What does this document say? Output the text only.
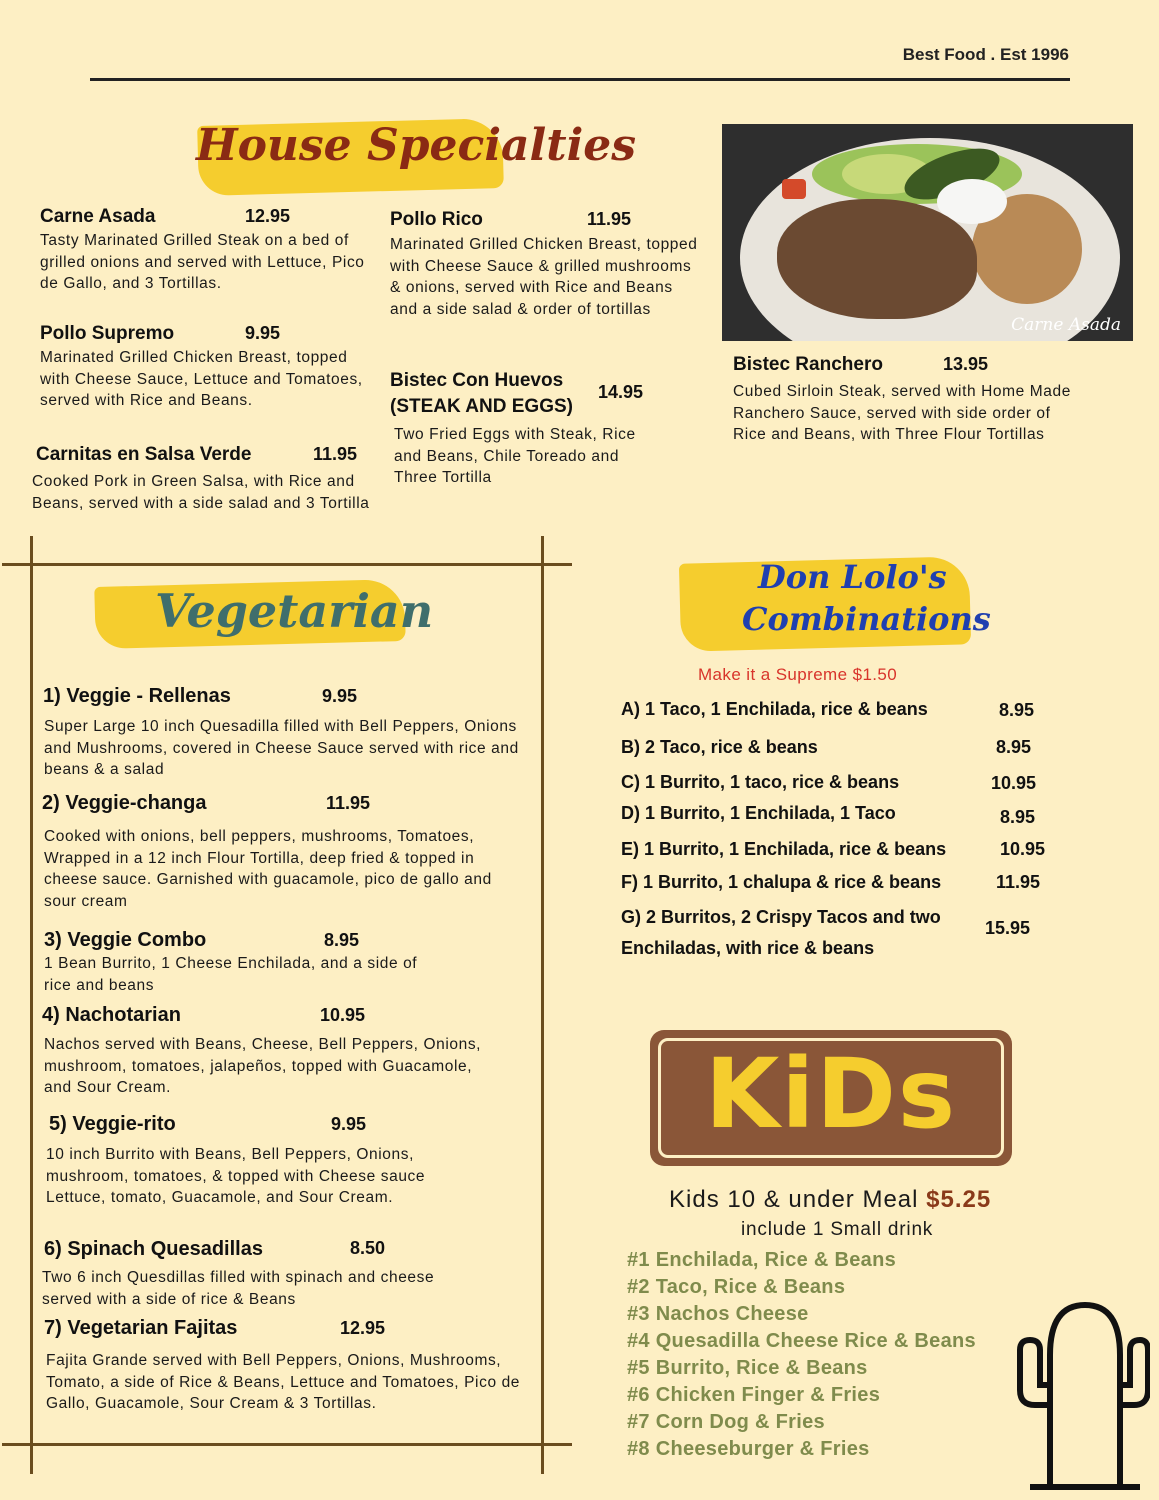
Best Food . Est 1996
House Specialties
Carne Asada	12.95
Tasty Marinated Grilled Steak on a bed of grilled onions and served with Lettuce, Pico de Gallo, and 3 Tortillas.
Pollo Supremo	9.95
Marinated Grilled Chicken Breast, topped with Cheese Sauce, Lettuce and Tomatoes, served with Rice and Beans.
Carnitas en Salsa Verde	11.95
Cooked Pork in Green Salsa, with Rice and Beans, served with a side salad and 3 Tortilla
Pollo Rico	11.95
Marinated Grilled Chicken Breast, topped with Cheese Sauce & grilled mushrooms & onions, served with Rice and Beans and a side salad & order of tortillas
Bistec Con Huevos
(STEAK AND EGGS)
14.95
Two Fried Eggs with Steak, Rice and Beans, Chile Toreado and Three Tortilla
Bistec Ranchero	13.95
Cubed Sirloin Steak, served with Home Made Ranchero Sauce, served with side order of Rice and Beans, with Three Flour Tortillas
Carne Asada
Vegetarian
1) Veggie - Rellenas	9.95
Super Large 10 inch Quesadilla filled with Bell Peppers, Onions and Mushrooms, covered in Cheese Sauce served with rice and beans & a salad
2) Veggie-changa	11.95
Cooked with onions, bell peppers, mushrooms, Tomatoes, Wrapped in a 12 inch Flour Tortilla, deep fried & topped in cheese sauce. Garnished with guacamole, pico de gallo and sour cream
3) Veggie Combo	8.95
1 Bean Burrito, 1 Cheese Enchilada, and a side of rice and beans
4) Nachotarian	10.95
Nachos served with Beans, Cheese, Bell Peppers, Onions, mushroom, tomatoes, jalapeños, topped with Guacamole, and Sour Cream.
5) Veggie-rito	9.95
10 inch Burrito with Beans, Bell Peppers, Onions, mushroom, tomatoes, & topped with Cheese sauce Lettuce, tomato, Guacamole, and Sour Cream.
6) Spinach Quesadillas	8.50
Two 6 inch Quesdillas filled with spinach and cheese served with a side of rice & Beans
7) Vegetarian Fajitas	12.95
Fajita Grande served with Bell Peppers, Onions, Mushrooms, Tomato, a side of Rice & Beans, Lettuce and Tomatoes, Pico de Gallo, Guacamole, Sour Cream & 3 Tortillas.
Don Lolo's
Combinations
Make it a Supreme $1.50
A) 1 Taco, 1 Enchilada, rice & beans	8.95
B) 2 Taco, rice & beans	8.95
C) 1 Burrito, 1 taco, rice & beans	10.95
D) 1 Burrito, 1 Enchilada, 1 Taco	8.95
E) 1 Burrito, 1 Enchilada, rice & beans	10.95
F) 1 Burrito, 1 chalupa & rice & beans	11.95
G) 2 Burritos, 2 Crispy Tacos and two
Enchiladas, with rice & beans
15.95
KiDs
Kids 10 & under Meal $5.25
include 1 Small drink
#1 Enchilada, Rice & Beans
#2 Taco, Rice & Beans
#3 Nachos Cheese
#4 Quesadilla Cheese Rice & Beans
#5 Burrito, Rice & Beans
#6 Chicken Finger & Fries
#7 Corn Dog & Fries
#8 Cheeseburger & Fries
